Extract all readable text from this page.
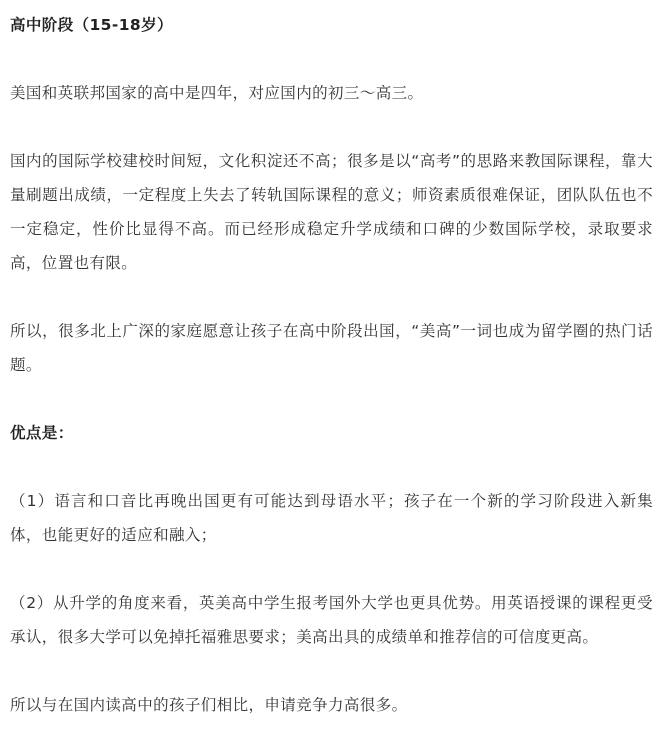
高中阶段（15-18岁）

美国和英联邦国家的高中是四年，对应国内的初三～高三。

国内的国际学校建校时间短，文化积淀还不高；很多是以“高考”的思路来教国际课程，靠大量刷题出成绩，一定程度上失去了转轨国际课程的意义；师资素质很难保证，团队队伍也不一定稳定，性价比显得不高。而已经形成稳定升学成绩和口碑的少数国际学校，录取要求高，位置也有限。

所以，很多北上广深的家庭愿意让孩子在高中阶段出国，“美高”一词也成为留学圈的热门话题。

优点是：

（1）语言和口音比再晚出国更有可能达到母语水平；孩子在一个新的学习阶段进入新集体，也能更好的适应和融入；

（2）从升学的角度来看，英美高中学生报考国外大学也更具优势。用英语授课的课程更受承认，很多大学可以免掉托福雅思要求；美高出具的成绩单和推荐信的可信度更高。

所以与在国内读高中的孩子们相比，申请竞争力高很多。
